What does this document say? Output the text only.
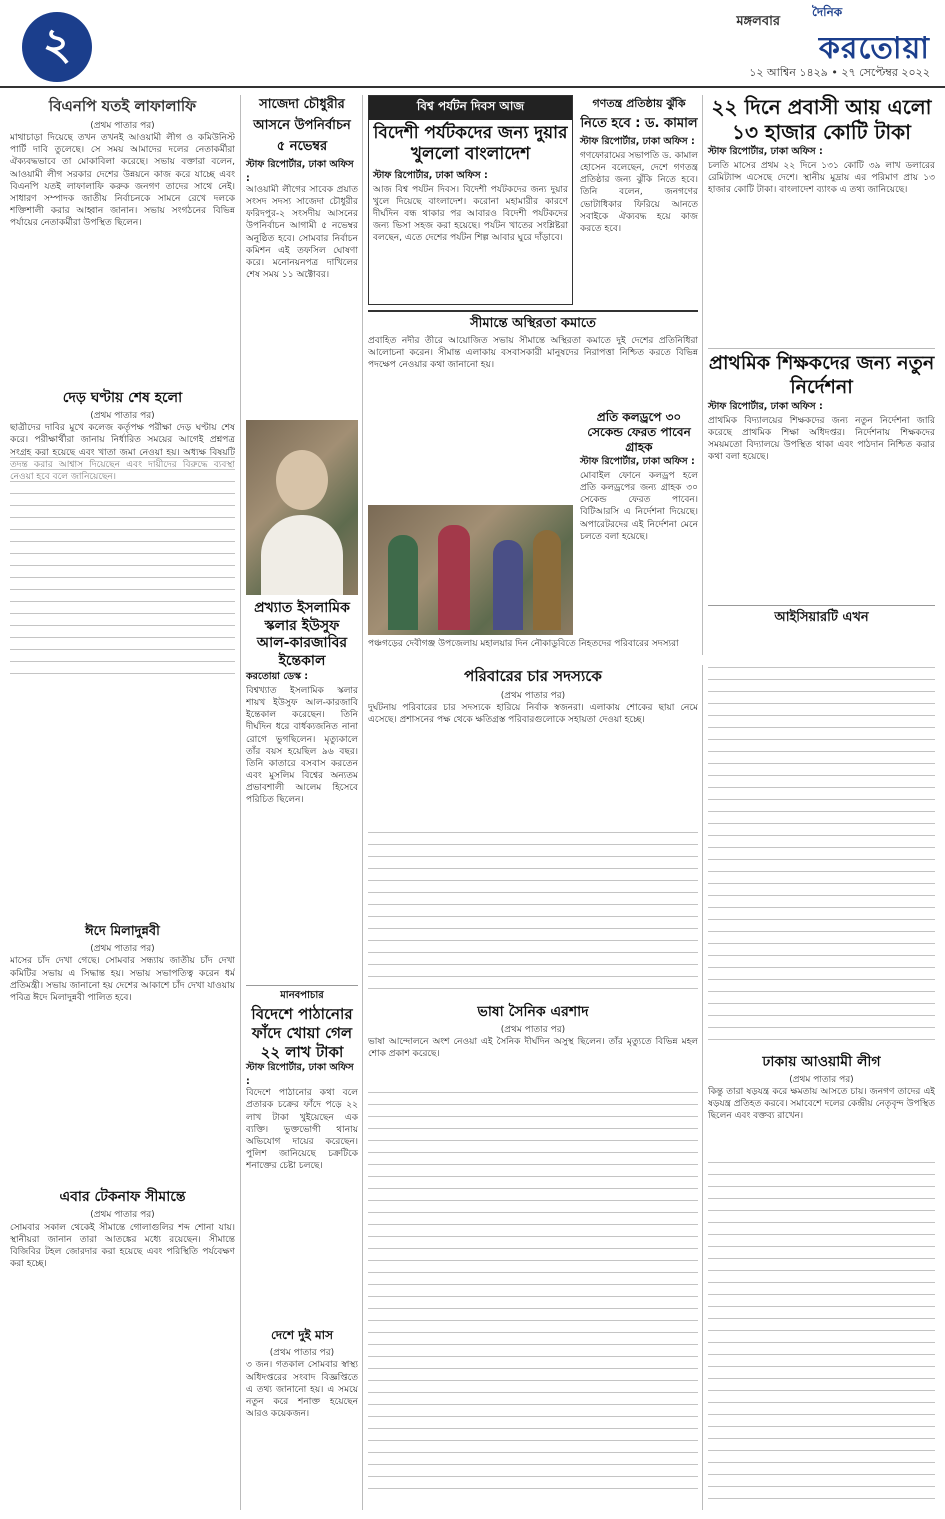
২	মঙ্গলবার
দৈনিক
করতোয়া
১২ আশ্বিন ১৪২৯ • ২৭ সেপ্টেম্বর ২০২২
বিএনপি যতই লাফালাফি
(প্রথম পাতার পর)
মাথাচাড়া দিয়েছে তখন তখনই আওয়ামী লীগ ও কমিউনিস্ট পার্টি দাবি তুলেছে। সে সময় আমাদের দলের নেতাকর্মীরা ঐক্যবদ্ধভাবে তা মোকাবিলা করেছে। সভায় বক্তারা বলেন, আওয়ামী লীগ সরকার দেশের উন্নয়নে কাজ করে যাচ্ছে এবং বিএনপি যতই লাফালাফি করুক জনগণ তাদের সাথে নেই। সাধারণ সম্পাদক জাতীয় নির্বাচনকে সামনে রেখে দলকে শক্তিশালী করার আহ্বান জানান। সভায় সংগঠনের বিভিন্ন পর্যায়ের নেতাকর্মীরা উপস্থিত ছিলেন।
দেড় ঘণ্টায় শেষ হলো
(প্রথম পাতার পর)
ছাত্রীদের দাবির মুখে কলেজ কর্তৃপক্ষ পরীক্ষা দেড় ঘণ্টায় শেষ করে। পরীক্ষার্থীরা জানায় নির্ধারিত সময়ের আগেই প্রশ্নপত্র সংগ্রহ করা হয়েছে এবং খাতা জমা নেওয়া হয়। অধ্যক্ষ বিষয়টি তদন্ত করার আশ্বাস দিয়েছেন এবং দায়ীদের বিরুদ্ধে ব্যবস্থা নেওয়া হবে বলে জানিয়েছেন।
ঈদে মিলাদুন্নবী
(প্রথম পাতার পর)
মাসের চাঁদ দেখা গেছে। সোমবার সন্ধ্যায় জাতীয় চাঁদ দেখা কমিটির সভায় এ সিদ্ধান্ত হয়। সভায় সভাপতিত্ব করেন ধর্ম প্রতিমন্ত্রী। সভায় জানানো হয় দেশের আকাশে চাঁদ দেখা যাওয়ায় পবিত্র ঈদে মিলাদুন্নবী পালিত হবে।
এবার টেকনাফ সীমান্তে
(প্রথম পাতার পর)
সোমবার সকাল থেকেই সীমান্তে গোলাগুলির শব্দ শোনা যায়। স্থানীয়রা জানান তারা আতঙ্কের মধ্যে রয়েছেন। সীমান্তে বিজিবির টহল জোরদার করা হয়েছে এবং পরিস্থিতি পর্যবেক্ষণ করা হচ্ছে।
সাজেদা চৌধুরীর আসনে উপনির্বাচন
৫ নভেম্বর
স্টাফ রিপোর্টার, ঢাকা অফিস :
আওয়ামী লীগের সাবেক প্রয়াত সংসদ সদস্য সাজেদা চৌধুরীর ফরিদপুর-২ সংসদীয় আসনের উপনির্বাচন আগামী ৫ নভেম্বর অনুষ্ঠিত হবে। সোমবার নির্বাচন কমিশন এই তফসিল ঘোষণা করে। মনোনয়নপত্র দাখিলের শেষ সময় ১১ অক্টোবর।
প্রখ্যাত ইসলামিক স্কলার ইউসুফ আল-কারজাবির ইন্তেকাল
করতোয়া ডেস্ক :
বিশ্বখ্যাত ইসলামিক স্কলার শায়খ ইউসুফ আল-কারজাবি ইন্তেকাল করেছেন। তিনি দীর্ঘদিন ধরে বার্ধক্যজনিত নানা রোগে ভুগছিলেন। মৃত্যুকালে তাঁর বয়স হয়েছিল ৯৬ বছর। তিনি কাতারে বসবাস করতেন এবং মুসলিম বিশ্বের অন্যতম প্রভাবশালী আলেম হিসেবে পরিচিত ছিলেন।
মানবপাচার
বিদেশে পাঠানোর ফাঁদে খোয়া গেল ২২ লাখ টাকা
স্টাফ রিপোর্টার, ঢাকা অফিস :
বিদেশে পাঠানোর কথা বলে প্রতারক চক্রের ফাঁদে পড়ে ২২ লাখ টাকা খুইয়েছেন এক ব্যক্তি। ভুক্তভোগী থানায় অভিযোগ দায়ের করেছেন। পুলিশ জানিয়েছে চক্রটিকে শনাক্তের চেষ্টা চলছে।
দেশে দুই মাস
(প্রথম পাতার পর)
৩ জন। গতকাল সোমবার স্বাস্থ্য অধিদপ্তরের সংবাদ বিজ্ঞপ্তিতে এ তথ্য জানানো হয়। এ সময়ে নতুন করে শনাক্ত হয়েছেন আরও কয়েকজন।
বিশ্ব পর্যটন দিবস আজ
বিদেশী পর্যটকদের জন্য দুয়ার খুললো বাংলাদেশ
স্টাফ রিপোর্টার, ঢাকা অফিস :
আজ বিশ্ব পর্যটন দিবস। বিদেশী পর্যটকদের জন্য দুয়ার খুলে দিয়েছে বাংলাদেশ। করোনা মহামারীর কারণে দীর্ঘদিন বন্ধ থাকার পর আবারও বিদেশী পর্যটকদের জন্য ভিসা সহজ করা হয়েছে। পর্যটন খাতের সংশ্লিষ্টরা বলছেন, এতে দেশের পর্যটন শিল্প আবার ঘুরে দাঁড়াবে।
গণতন্ত্র প্রতিষ্ঠায় ঝুঁকি
নিতে হবে : ড. কামাল
স্টাফ রিপোর্টার, ঢাকা অফিস :
গণফোরামের সভাপতি ড. কামাল হোসেন বলেছেন, দেশে গণতন্ত্র প্রতিষ্ঠার জন্য ঝুঁকি নিতে হবে। তিনি বলেন, জনগণের ভোটাধিকার ফিরিয়ে আনতে সবাইকে ঐক্যবদ্ধ হয়ে কাজ করতে হবে।
প্রতি কলড্রপে ৩০ সেকেন্ড ফেরত পাবেন গ্রাহক
স্টাফ রিপোর্টার, ঢাকা অফিস :
মোবাইল ফোনে কলড্রপ হলে প্রতি কলড্রপের জন্য গ্রাহক ৩০ সেকেন্ড ফেরত পাবেন। বিটিআরসি এ নির্দেশনা দিয়েছে। অপারেটরদের এই নির্দেশনা মেনে চলতে বলা হয়েছে।
২২ দিনে প্রবাসী আয় এলো ১৩ হাজার কোটি টাকা
স্টাফ রিপোর্টার, ঢাকা অফিস :
চলতি মাসের প্রথম ২২ দিনে ১৩১ কোটি ৩৯ লাখ ডলারের রেমিট্যান্স এসেছে দেশে। স্থানীয় মুদ্রায় এর পরিমাণ প্রায় ১৩ হাজার কোটি টাকা। বাংলাদেশ ব্যাংক এ তথ্য জানিয়েছে।
প্রাথমিক শিক্ষকদের জন্য নতুন নির্দেশনা
স্টাফ রিপোর্টার, ঢাকা অফিস :
প্রাথমিক বিদ্যালয়ের শিক্ষকদের জন্য নতুন নির্দেশনা জারি করেছে প্রাথমিক শিক্ষা অধিদপ্তর। নির্দেশনায় শিক্ষকদের সময়মতো বিদ্যালয়ে উপস্থিত থাকা এবং পাঠদান নিশ্চিত করার কথা বলা হয়েছে।
আইসিয়ারটি এখন
সীমান্তে অস্থিরতা কমাতে
প্রবাহিত নদীর তীরে আয়োজিত সভায় সীমান্তে অস্থিরতা কমাতে দুই দেশের প্রতিনিধিরা আলোচনা করেন। সীমান্ত এলাকায় বসবাসকারী মানুষদের নিরাপত্তা নিশ্চিত করতে বিভিন্ন পদক্ষেপ নেওয়ার কথা জানানো হয়।
পঞ্চগড়ের দেবীগঞ্জ উপজেলায় মহালয়ার দিন নৌকাডুবিতে নিহতদের পরিবারের সদস্যরা
পরিবারের চার সদস্যকে
(প্রথম পাতার পর)
দুর্ঘটনায় পরিবারের চার সদস্যকে হারিয়ে নির্বাক স্বজনরা। এলাকায় শোকের ছায়া নেমে এসেছে। প্রশাসনের পক্ষ থেকে ক্ষতিগ্রস্ত পরিবারগুলোকে সহায়তা দেওয়া হচ্ছে।
ভাষা সৈনিক এরশাদ
(প্রথম পাতার পর)
ভাষা আন্দোলনে অংশ নেওয়া এই সৈনিক দীর্ঘদিন অসুস্থ ছিলেন। তাঁর মৃত্যুতে বিভিন্ন মহল শোক প্রকাশ করেছে।	ঢাকায় আওয়ামী লীগ
(প্রথম পাতার পর)
কিন্তু তারা ষড়যন্ত্র করে ক্ষমতায় আসতে চায়। জনগণ তাদের এই ষড়যন্ত্র প্রতিহত করবে। সমাবেশে দলের কেন্দ্রীয় নেতৃবৃন্দ উপস্থিত ছিলেন এবং বক্তব্য রাখেন।
